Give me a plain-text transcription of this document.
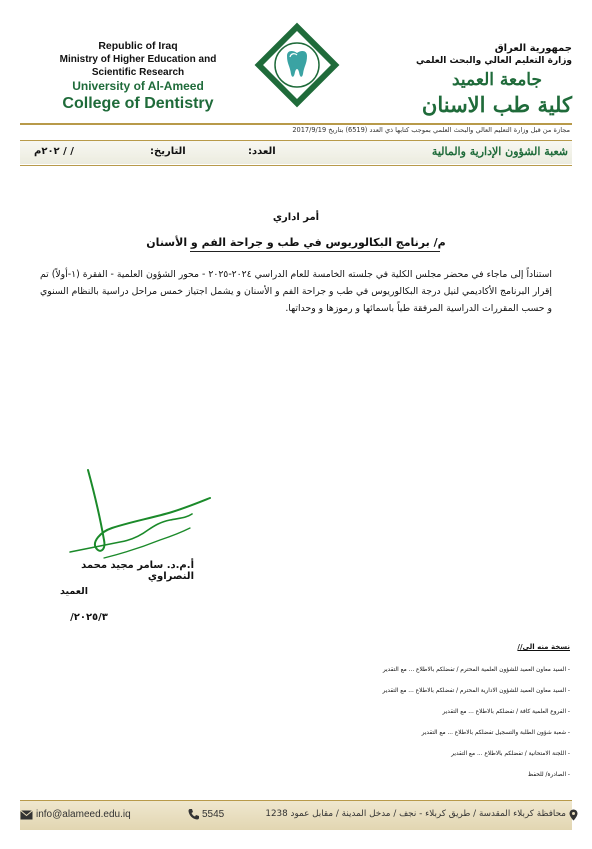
Republic of Iraq
Ministry of Higher Education and
Scientific Research
University of Al-Ameed
College of Dentistry
جمهورية العراق
وزارة التعليم العالي والبحث العلمي
جامعة العميد
كلية طب الاسنان
مجازة من قبل وزارة التعليم العالي والبحث العلمي بموجب كتابها ذي العدد (6519) بتاريخ 2017/9/19
شعبة الشؤون الإدارية والمالية
العدد:
التاريخ:
/ / ٢٠٢م
أمر اداري
م/ برنامج البكالوريوس في طب و جراحة الفم و الأسنان
استناداً إلى ماجاء في محضر مجلس الكلية في جلسته الخامسة للعام الدراسي ٢٠٢٤-٢٠٢٥ - محور الشؤون العلمية - الفقرة (١-أولاً) تم إقرار البرنامج الأكاديمي لنيل درجة البكالوريوس في طب و جراحة الفم و الأسنان و يشمل اجتياز خمس مراحل دراسية بالنظام السنوي و حسب المقررات الدراسية المرفقة طياً باسمائها و رموزها و وحداتها.
أ.م.د. سامر مجيد محمد النصراوي
العميد
٢٠٢٥/٣/
نسخة منه الى//
- السيد معاون العميد للشؤون العلمية المحترم / تفضلكم بالاطلاع ... مع التقدير
- السيد معاون العميد للشؤون الادارية المحترم / تفضلكم بالاطلاع ... مع التقدير
- الفروع العلمية كافة / تفضلكم بالاطلاع ... مع التقدير
- شعبة شؤون الطلبة والتسجيل تفضلكم بالاطلاع ... مع التقدير
- اللجنة الامتحانية / تفضلكم بالاطلاع ... مع التقدير
- الصادرة/ للحفظ
info@alameed.edu.iq	5545	محافظة كربلاء المقدسة / طريق كربلاء - نجف / مدخل المدينة / مقابل عمود 1238
